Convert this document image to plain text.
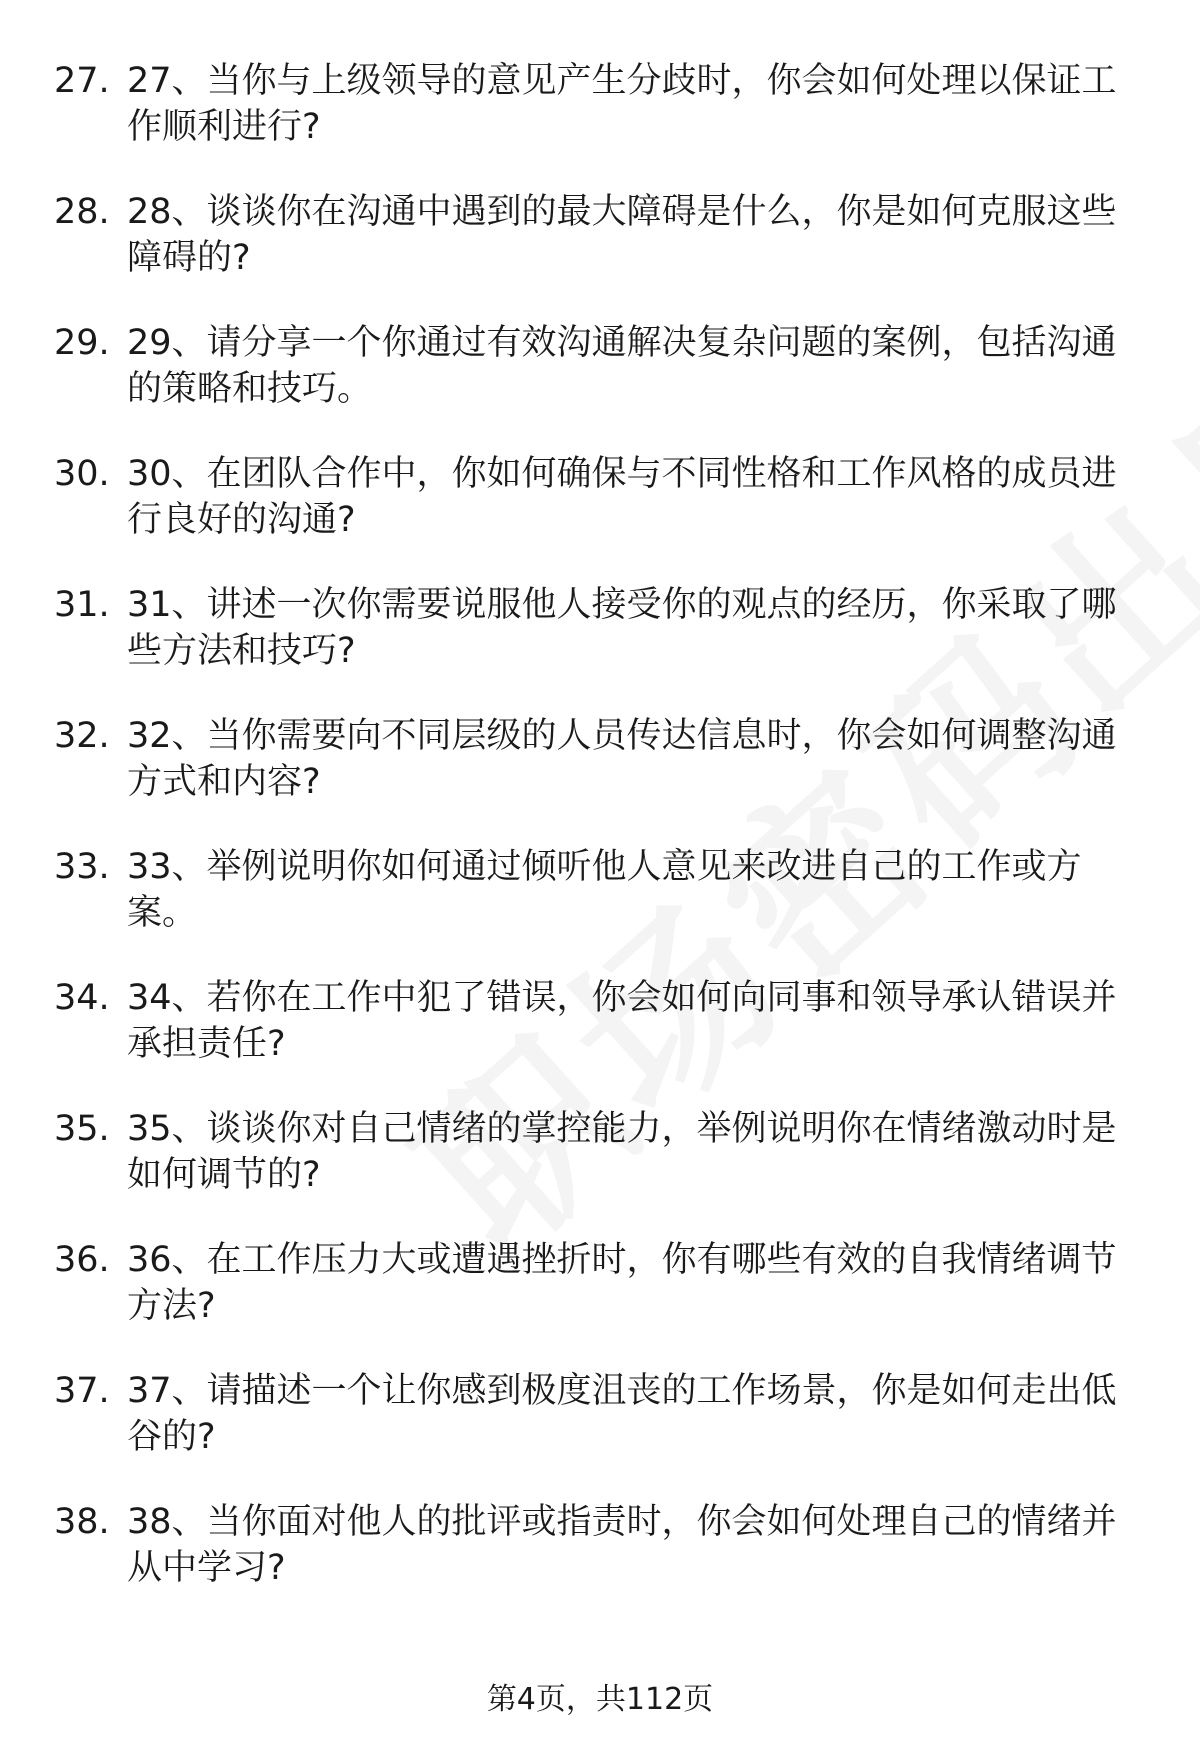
27. 27、当你与上级领导的意见产生分歧时，你会如何处理以保证工作顺利进行?
28. 28、谈谈你在沟通中遇到的最大障碍是什么，你是如何克服这些障碍的?
29. 29、请分享一个你通过有效沟通解决复杂问题的案例，包括沟通的策略和技巧。
30. 30、在团队合作中，你如何确保与不同性格和工作风格的成员进行良好的沟通?
31. 31、讲述一次你需要说服他人接受你的观点的经历，你采取了哪些方法和技巧?
32. 32、当你需要向不同层级的人员传达信息时，你会如何调整沟通方式和内容?
33. 33、举例说明你如何通过倾听他人意见来改进自己的工作或方案。
34. 34、若你在工作中犯了错误，你会如何向同事和领导承认错误并承担责任?
35. 35、谈谈你对自己情绪的掌控能力，举例说明你在情绪激动时是如何调节的?
36. 36、在工作压力大或遭遇挫折时，你有哪些有效的自我情绪调节方法?
37. 37、请描述一个让你感到极度沮丧的工作场景，你是如何走出低谷的?
38. 38、当你面对他人的批评或指责时，你会如何处理自己的情绪并从中学习?
第4页，共112页
